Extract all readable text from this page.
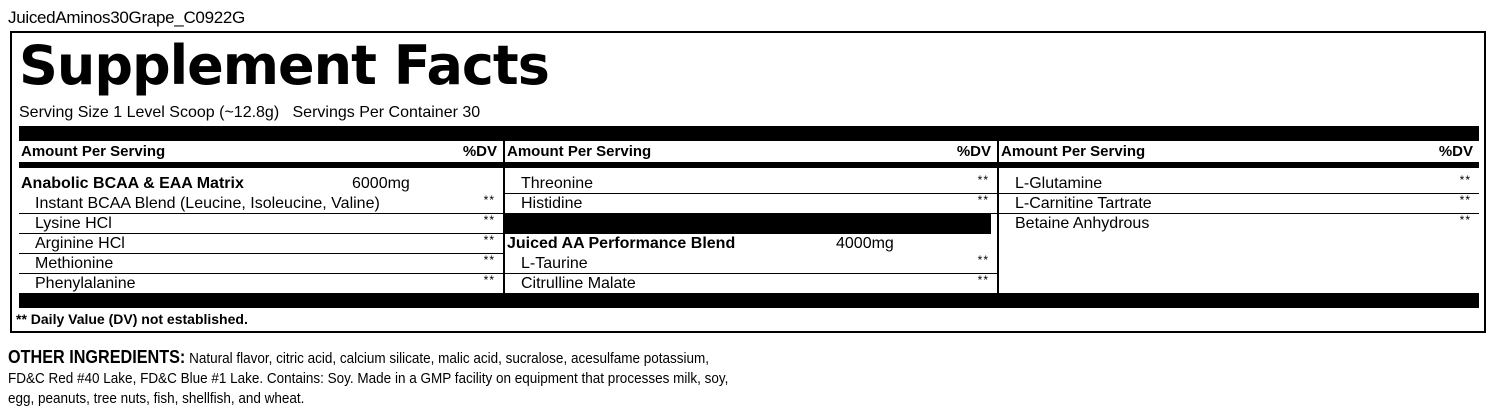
JuicedAminos30Grape_C0922G
Supplement Facts
Serving Size 1 Level Scoop (~12.8g) Servings Per Container 30
Amount Per Serving	%DV
Anabolic BCAA & EAA Matrix	6000mg
Instant BCAA Blend (Leucine, Isoleucine, Valine)	**
Lysine HCl	**
Arginine HCl	**
Methionine	**
Phenylalanine	**
Amount Per Serving	%DV
Threonine	**
Histidine	**
Juiced AA Performance Blend	4000mg
L-Taurine	**
Citrulline Malate	**
Amount Per Serving	%DV
L-Glutamine	**
L-Carnitine Tartrate	**
Betaine Anhydrous	**
** Daily Value (DV) not established.
OTHER INGREDIENTS: Natural flavor, citric acid, calcium silicate, malic acid, sucralose, acesulfame potassium, FD&C Red #40 Lake, FD&C Blue #1 Lake. Contains: Soy. Made in a GMP facility on equipment that processes milk, soy, egg, peanuts, tree nuts, fish, shellfish, and wheat.
